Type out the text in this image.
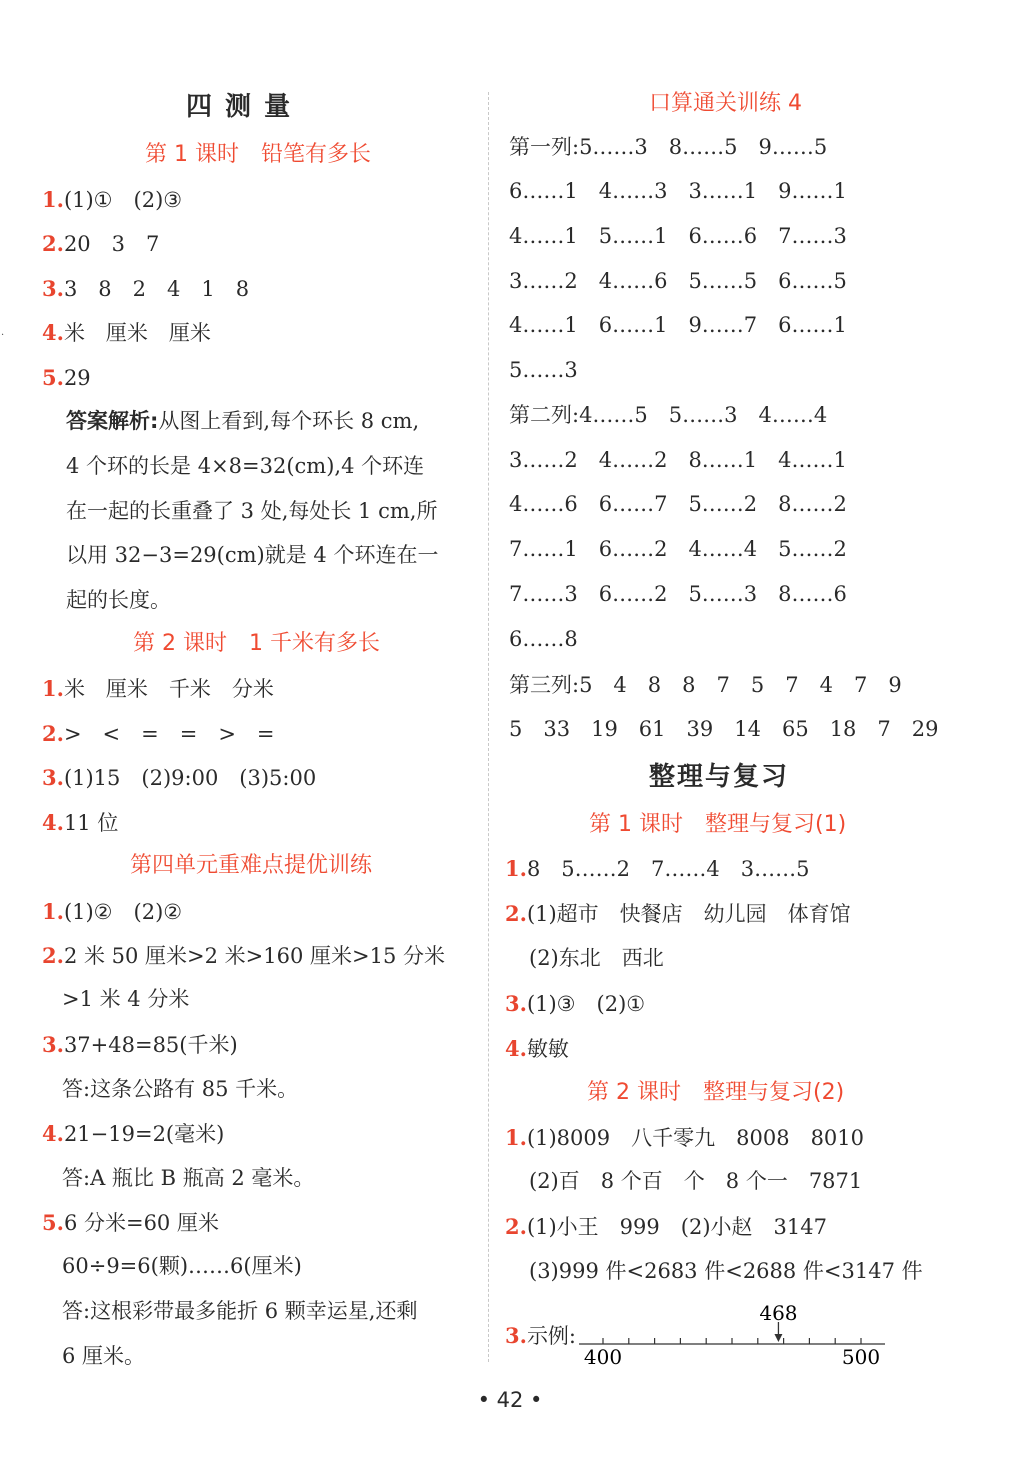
·
四 测 量
第 1 课时　铅笔有多长
1.(1)①　(2)③
2.20　3　7
3.3　8　2　4　1　8
4.米　厘米　厘米
5.29
答案解析:从图上看到,每个环长 8 cm,
4 个环的长是 4×8=32(cm),4 个环连
在一起的长重叠了 3 处,每处长 1 cm,所
以用 32−3=29(cm)就是 4 个环连在一
起的长度。
第 2 课时　1 千米有多长
1.米　厘米　千米　分米
2.>　<　=　=　>　=
3.(1)15　(2)9:00　(3)5:00
4.11 位
第四单元重难点提优训练
1.(1)②　(2)②
2.2 米 50 厘米>2 米>160 厘米>15 分米
>1 米 4 分米
3.37+48=85(千米)
答:这条公路有 85 千米。
4.21−19=2(毫米)
答:A 瓶比 B 瓶高 2 毫米。
5.6 分米=60 厘米
60÷9=6(颗)……6(厘米)
答:这根彩带最多能折 6 颗幸运星,还剩
6 厘米。
口算通关训练 4
第一列:5……3　8……5　9……5
6……1　4……3　3……1　9……1
4……1　5……1　6……6　7……3
3……2　4……6　5……5　6……5
4……1　6……1　9……7　6……1
5……3
第二列:4……5　5……3　4……4
3……2　4……2　8……1　4……1
4……6　6……7　5……2　8……2
7……1　6……2　4……4　5……2
7……3　6……2　5……3　8……6
6……8
第三列:5　4　8　8　7　5　7　4　7　9
5　33　19　61　39　14　65　18　7　29
整理与复习
第 1 课时　整理与复习(1)
1.8　5……2　7……4　3……5
2.(1)超市　快餐店　幼儿园　体育馆
(2)东北　西北
3.(1)③　(2)①
4.敏敏
第 2 课时　整理与复习(2)
1.(1)8009　八千零九　8008　8010
(2)百　8 个百　个　8 个一　7871
2.(1)小王　999　(2)小赵　3147
(3)999 件<2683 件<2688 件<3147 件
3.示例:
468
400	500
• 42 •
